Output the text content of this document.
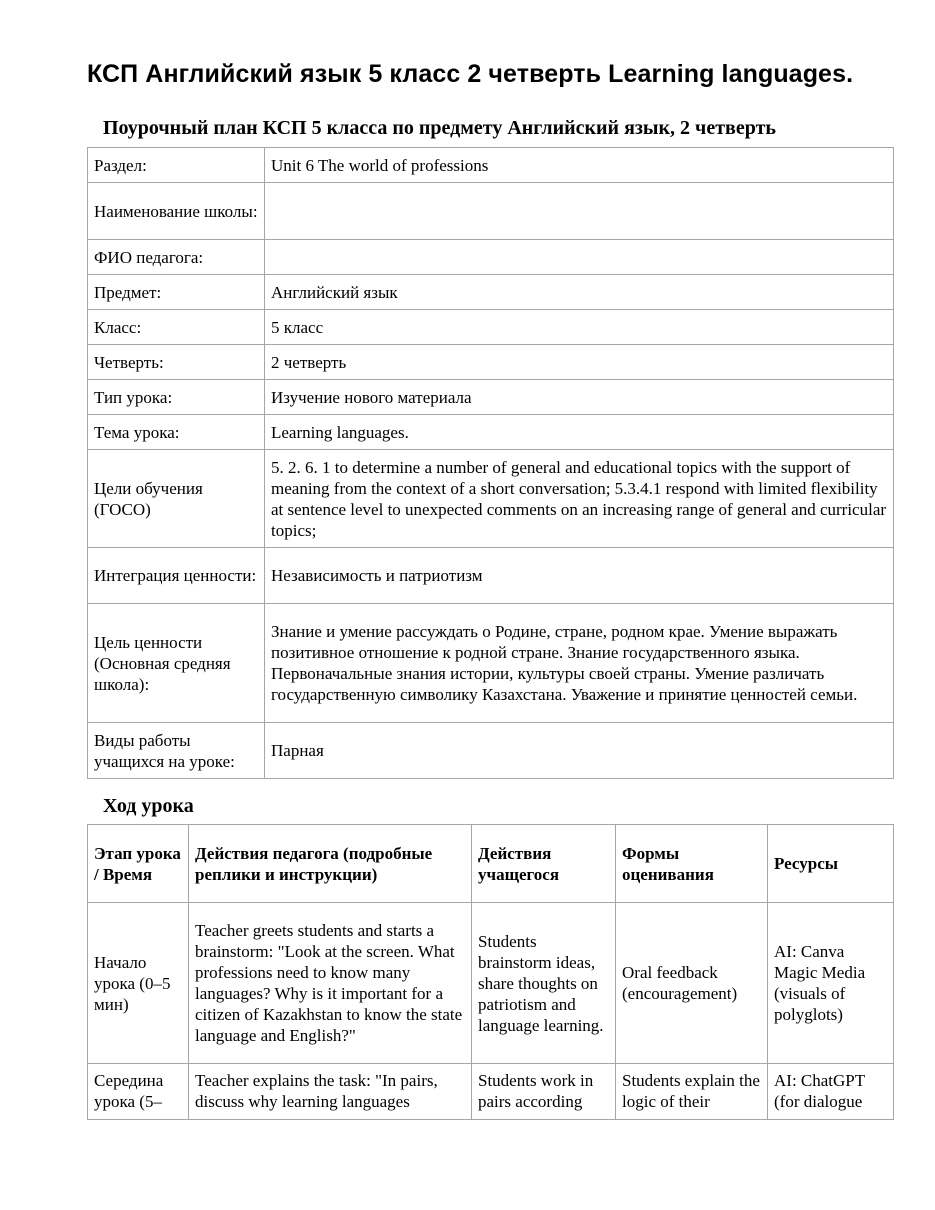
КСП Английский язык 5 класс 2 четверть Learning languages.
Поурочный план КСП 5 класса по предмету Английский язык, 2 четверть
Раздел:	Unit 6 The world of professions
Наименование школы:	
ФИО педагога:	
Предмет:	Английский язык
Класс:	5 класс
Четверть:	2 четверть
Тип урока:	Изучение нового материала
Тема урока:	Learning languages.
Цели обучения (ГОСО)	5. 2. 6. 1 to determine a number of general and educational topics with the support of meaning from the context of a short conversation; 5.3.4.1 respond with limited flexibility at sentence level to unexpected comments on an increasing range of general and curricular topics;
Интеграция ценности:	Независимость и патриотизм
Цель ценности (Основная средняя школа):	Знание и умение рассуждать о Родине, стране, родном крае. Умение выражать позитивное отношение к родной стране. Знание государственного языка. Первоначальные знания истории, культуры своей страны. Умение различать государственную символику Казахстана. Уважение и принятие ценностей семьи.
Виды работы учащихся на уроке:	Парная
Ход урока
Этап урока / Время	Действия педагога (подробные реплики и инструкции)	Действия учащегося	Формы оценивания	Ресурсы
Начало урока (0–5 мин)	Teacher greets students and starts a brainstorm: "Look at the screen. What professions need to know many languages? Why is it important for a citizen of Kazakhstan to know the state language and English?"	Students brainstorm ideas, share thoughts on patriotism and language learning.	Oral feedback (encouragement)	AI: Canva Magic Media (visuals of polyglots)
Середина урока (5–	Teacher explains the task: "In pairs, discuss why learning languages	Students work in pairs according	Students explain the logic of their	AI: ChatGPT (for dialogue
